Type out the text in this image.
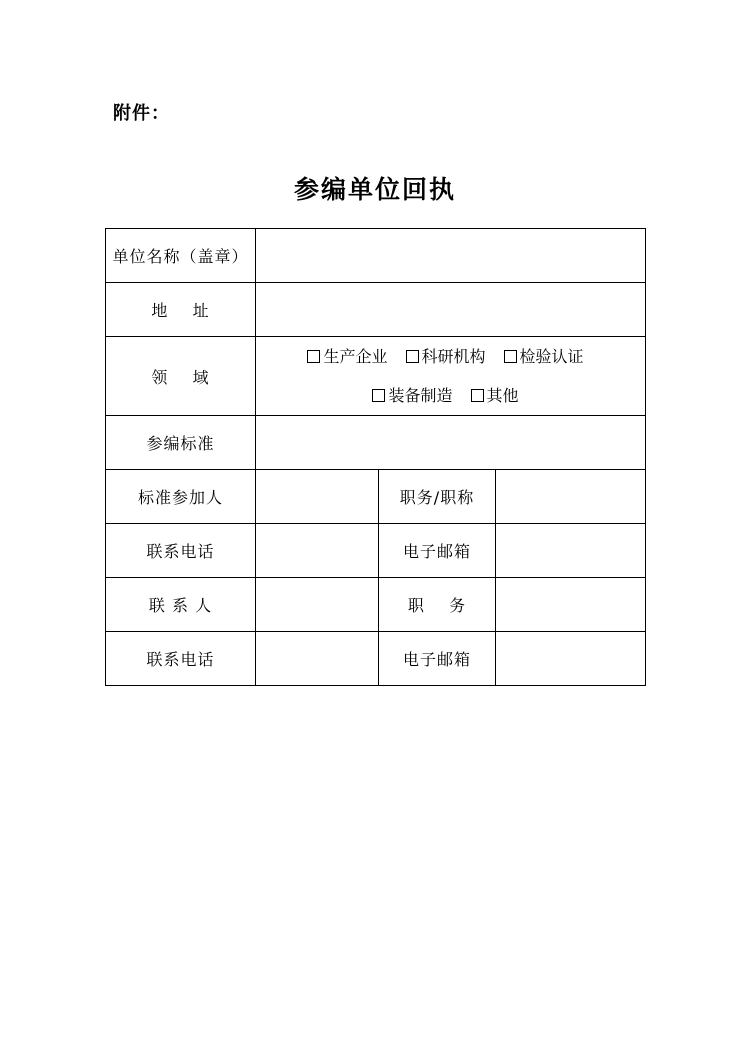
附件：
参编单位回执
单位名称（盖章）			
地    址			
领    域	生产企业 科研机构 检验认证
装备制造 其他		
参编标准			
标准参加人		职务/职称	
联系电话		电子邮箱	
联 系 人		职    务	
联系电话		电子邮箱	
